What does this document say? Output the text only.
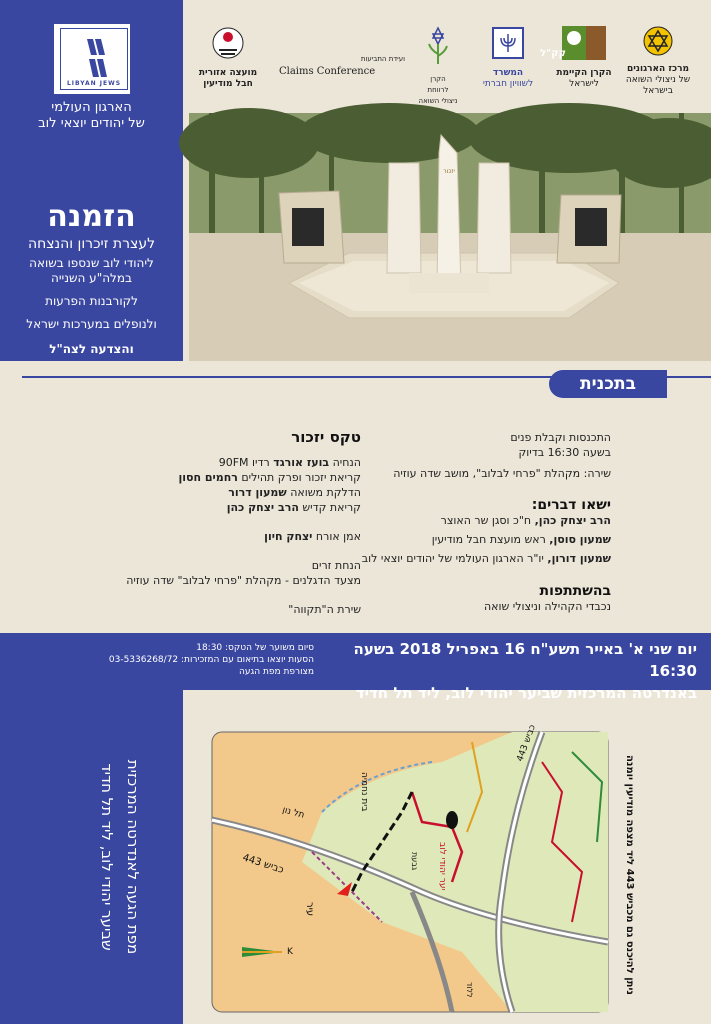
LIBYAN JEWS
הארגון העולמי
של יהודים יוצאי לוב
הזמנה
לעצרת זיכרון והנצחה
ליהודי לוב שנספו בשואה
במלה"ע השנייה
לקורבנות הפרעות
ולנופלים במערכות ישראל
והצדעה לצה"ל
מרכז הארגונים
של ניצולי השואה
בישראל
קק"ל
הקרן הקיימת
לישראל
המשרד
לשוויון חברתי
הקרן
לרווחת
ניצולי השואה
ועידת התביעות
Claims Conference
מועצה אזורית
חבל מודיעין
יזכור
בתכנית
התכנסות וקבלת פנים
בשעה 16:30 בדיוק
שירה: מקהלת "פרחי לבלוב", מושב שדה עוזיה
ישאו דברים:
הרב יצחק כהן, ח"כ וסגן שר האוצר
שמעון סוסן, ראש מועצת חבל מודיעין
שמעון דורון, יו"ר הארגון העולמי של יהודים יוצאי לוב
בהשתתפות
נכבדי הקהילה וניצולי שואה
טקס יזכור
הנחיה בועז אורגד רדיו 90FM
קריאת יזכור ופרק תהילים רחמים חסון
הדלקת משואה שמעון דרור
קריאת קדיש הרב יצחק כהן
אמן אורח יצחק חיון
הנחת זרים
מצעד הדגלנים - מקהלת "פרחי לבלוב" שדה עוזיה
שירת ה"תקווה"
יום שני א' באייר תשע"ח 16 באפריל 2018 בשעה 16:30
באנדרטה המרכזית שביער יהודי לוב, ליד תל חדיד
סיום משוער של הטקס: 18:30
הסעות יוצאו בתיאום עם המזכירות: 03-5336268/72
מצורפת מפת הגעה
מפת הגעה לאנדרטה המרכזית
שביער יהודי לוב, ליד תל חדיד
K
כביש 443
כביש 443
בית נחמיה
תל נון
יער יהודי לוב
גבעת
ללוד
עיר
ניתן להיכנס גם מכביש 443 ליד מצפה מודיעין יומנה
